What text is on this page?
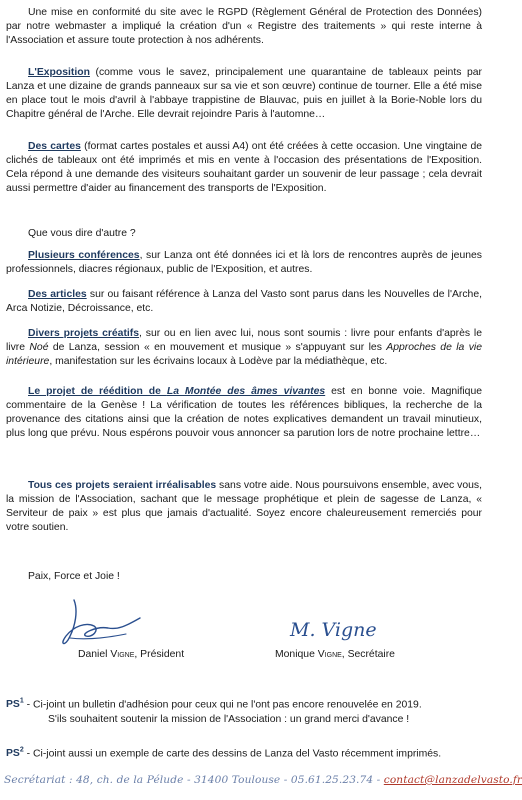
Une mise en conformité du site avec le RGPD (Règlement Général de Protection des Données) par notre webmaster a impliqué la création d'un « Registre des traitements » qui reste interne à l'Association et assure toute protection à nos adhérents.

L'Exposition (comme vous le savez, principalement une quarantaine de tableaux peints par Lanza et une dizaine de grands panneaux sur sa vie et son œuvre) continue de tourner. Elle a été mise en place tout le mois d'avril à l'abbaye trappistine de Blauvac, puis en juillet à la Borie-Noble lors du Chapitre général de l'Arche. Elle devrait rejoindre Paris à l'automne…

Des cartes (format cartes postales et aussi A4) ont été créées à cette occasion. Une vingtaine de clichés de tableaux ont été imprimés et mis en vente à l'occasion des présentations de l'Exposition. Cela répond à une demande des visiteurs souhaitant garder un souvenir de leur passage ; cela devrait aussi permettre d'aider au financement des transports de l'Exposition.

Que vous dire d'autre ?

Plusieurs conférences, sur Lanza ont été données ici et là lors de rencontres auprès de jeunes professionnels, diacres régionaux, public de l'Exposition, et autres.

Des articles sur ou faisant référence à Lanza del Vasto sont parus dans les Nouvelles de l'Arche, Arca Notizie, Décroissance, etc.

Divers projets créatifs, sur ou en lien avec lui, nous sont soumis : livre pour enfants d'après le livre Noé de Lanza, session « en mouvement et musique » s'appuyant sur les Approches de la vie intérieure, manifestation sur les écrivains locaux à Lodève par la médiathèque, etc.

Le projet de réédition de La Montée des âmes vivantes est en bonne voie. Magnifique commentaire de la Genèse ! La vérification de toutes les références bibliques, la recherche de la provenance des citations ainsi que la création de notes explicatives demandent un travail minutieux, plus long que prévu. Nous espérons pouvoir vous annoncer sa parution lors de notre prochaine lettre…

Tous ces projets seraient irréalisables sans votre aide. Nous poursuivons ensemble, avec vous, la mission de l'Association, sachant que le message prophétique et plein de sagesse de Lanza, « Serviteur de paix » est plus que jamais d'actualité. Soyez encore chaleureusement remerciés pour votre soutien.

Paix, Force et Joie !

Daniel Vigne, Président
M. Vigne
Monique Vigne, Secrétaire

$PS^1$ - Ci-joint un bulletin d'adhésion pour ceux qui ne l'ont pas encore renouvelée en 2019.

S'ils souhaitent soutenir la mission de l'Association : un grand merci d'avance !

$PS^2$ - Ci-joint aussi un exemple de carte des dessins de Lanza del Vasto récemment imprimés.

Secrétariat : 48, ch. de la Pélude - 31400 Toulouse - 05.61.25.23.74 - contact@lanzadelvasto.fr
